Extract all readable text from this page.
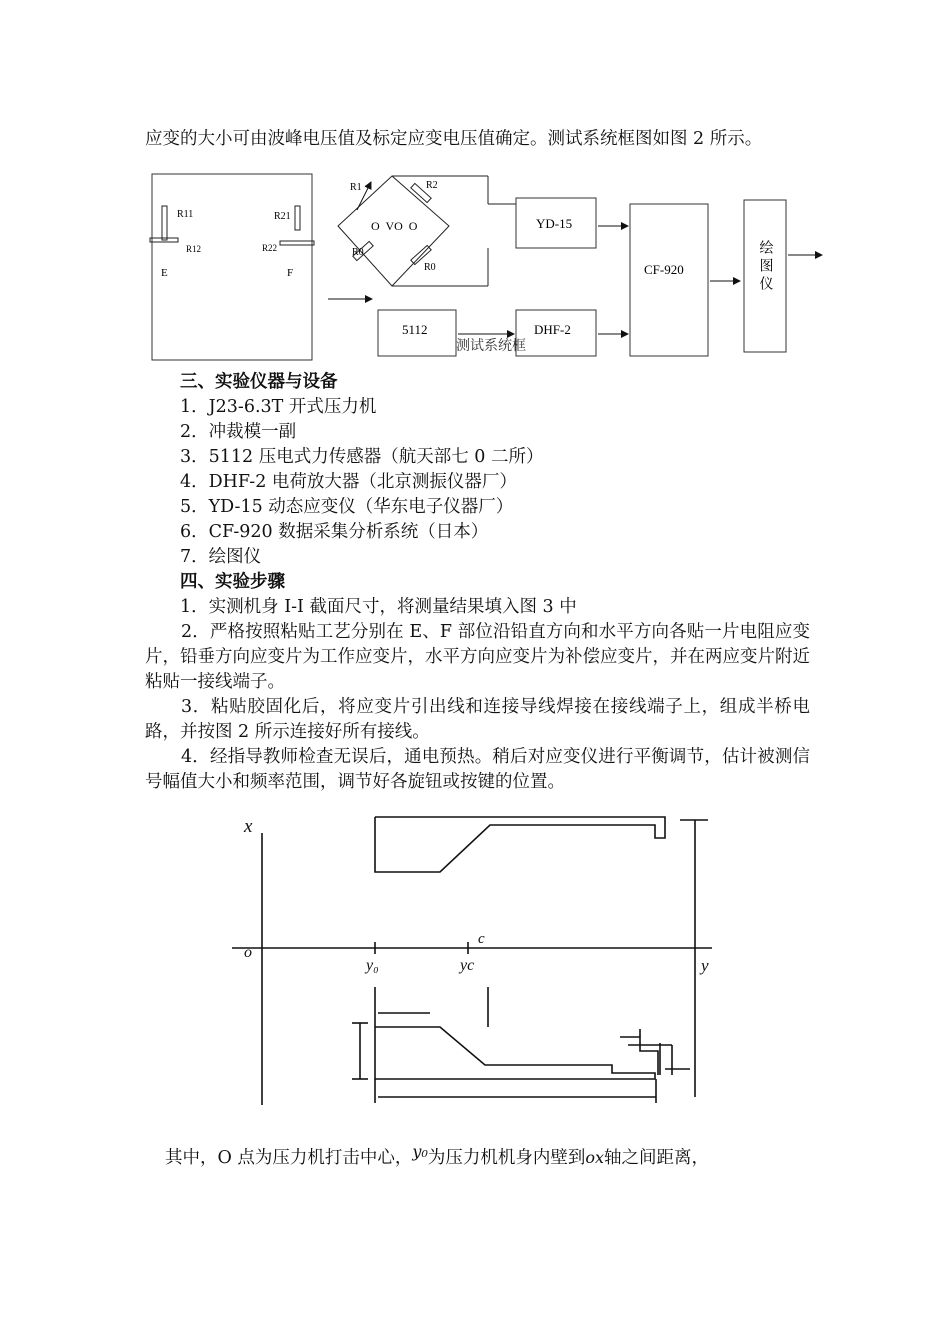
应变的大小可由波峰电压值及标定应变电压值确定。测试系统框图如图 2 所示。
R11
R12
R21
R22
E	F
R1	R2
R0
R0
O  VO  O	YD-15
CF-920	绘图仪
5112
测试系统框
DHF-2
三、实验仪器与设备
1．J23-6.3T 开式压力机
2．冲裁模一副
3．5112 压电式力传感器（航天部七 0 二所）
4．DHF-2 电荷放大器（北京测振仪器厂）
5．YD-15 动态应变仪（华东电子仪器厂）
6．CF-920 数据采集分析系统（日本）
7．绘图仪
四、实验步骤
1．实测机身 I-I 截面尺寸，将测量结果填入图 3 中
2．严格按照粘贴工艺分别在 E、F 部位沿铅直方向和水平方向各贴一片电阻应变片，铅垂方向应变片为工作应变片，水平方向应变片为补偿应变片，并在两应变片附近粘贴一接线端子。
3．粘贴胶固化后，将应变片引出线和连接导线焊接在接线端子上，组成半桥电路，并按图 2 所示连接好所有接线。
4．经指导教师检查无误后，通电预热。稍后对应变仪进行平衡调节，估计被测信号幅值大小和频率范围，调节好各旋钮或按键的位置。
x
o
c
y₀	yc	y
其中，O 点为压力机打击中心，y₀为压力机机身内壁到ox轴之间距离，
